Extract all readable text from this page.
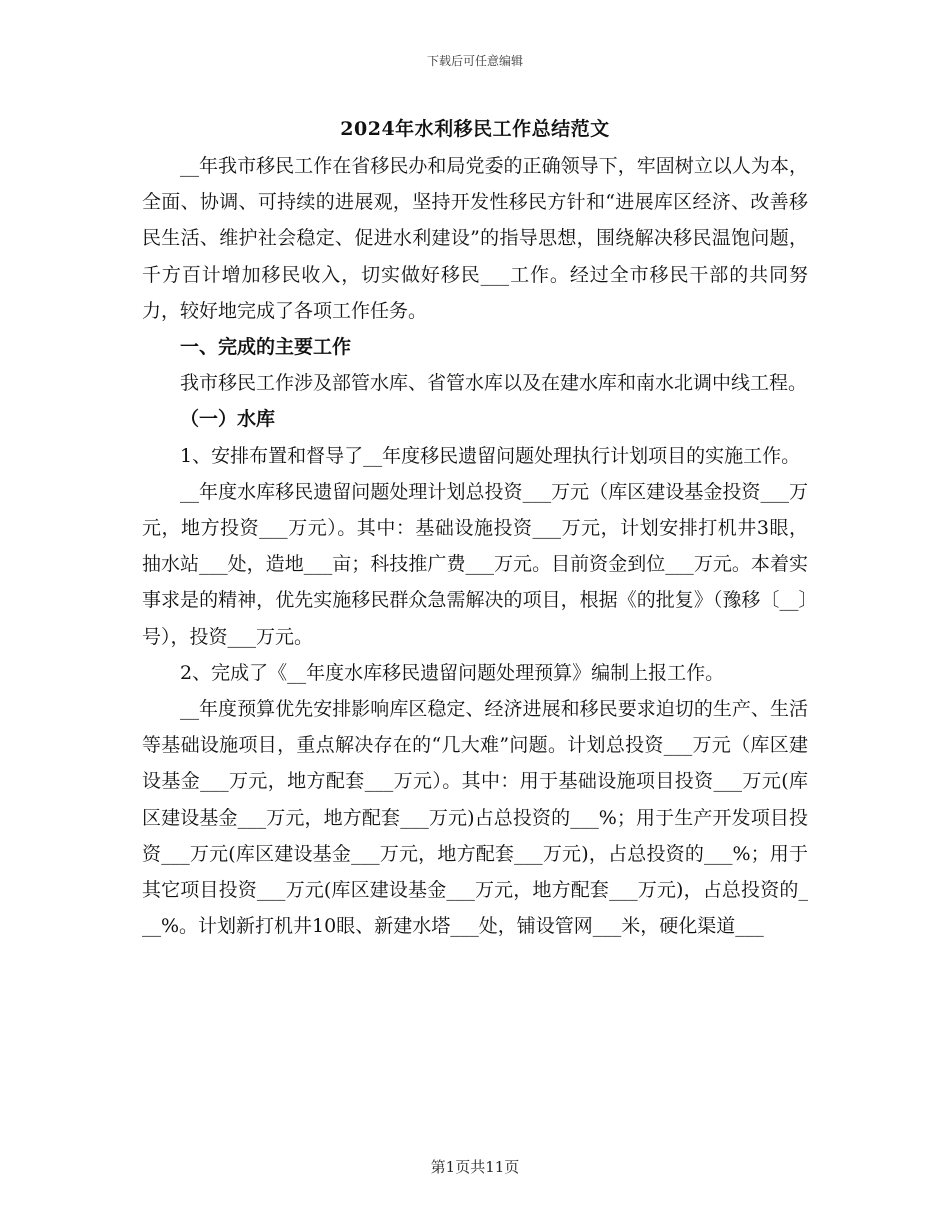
下载后可任意编辑
2024年水利移民工作总结范文

__年我市移民工作在省移民办和局党委的正确领导下，牢固树立以人为本，全面、协调、可持续的进展观，坚持开发性移民方针和“进展库区经济、改善移民生活、维护社会稳定、促进水利建设”的指导思想，围绕解决移民温饱问题，千方百计增加移民收入，切实做好移民___工作。经过全市移民干部的共同努力，较好地完成了各项工作任务。

一、完成的主要工作

我市移民工作涉及部管水库、省管水库以及在建水库和南水北调中线工程。

（一）水库

1、安排布置和督导了__年度移民遗留问题处理执行计划项目的实施工作。

__年度水库移民遗留问题处理计划总投资___万元（库区建设基金投资___万元，地方投资___万元）。其中：基础设施投资___万元，计划安排打机井3眼，抽水站___处，造地___亩；科技推广费___万元。目前资金到位___万元。本着实事求是的精神，优先实施移民群众急需解决的项目，根据《的批复》（豫移〔__〕号），投资___万元。

2、完成了《__年度水库移民遗留问题处理预算》编制上报工作。

__年度预算优先安排影响库区稳定、经济进展和移民要求迫切的生产、生活等基础设施项目，重点解决存在的“几大难”问题。计划总投资___万元（库区建设基金___万元，地方配套___万元）。其中：用于基础设施项目投资___万元(库区建设基金___万元，地方配套___万元)占总投资的___%；用于生产开发项目投资___万元(库区建设基金___万元，地方配套___万元)，占总投资的___%；用于其它项目投资___万元(库区建设基金___万元，地方配套___万元)，占总投资的___%。计划新打机井10眼、新建水塔___处，铺设管网___米，硬化渠道___

第1页共11页
